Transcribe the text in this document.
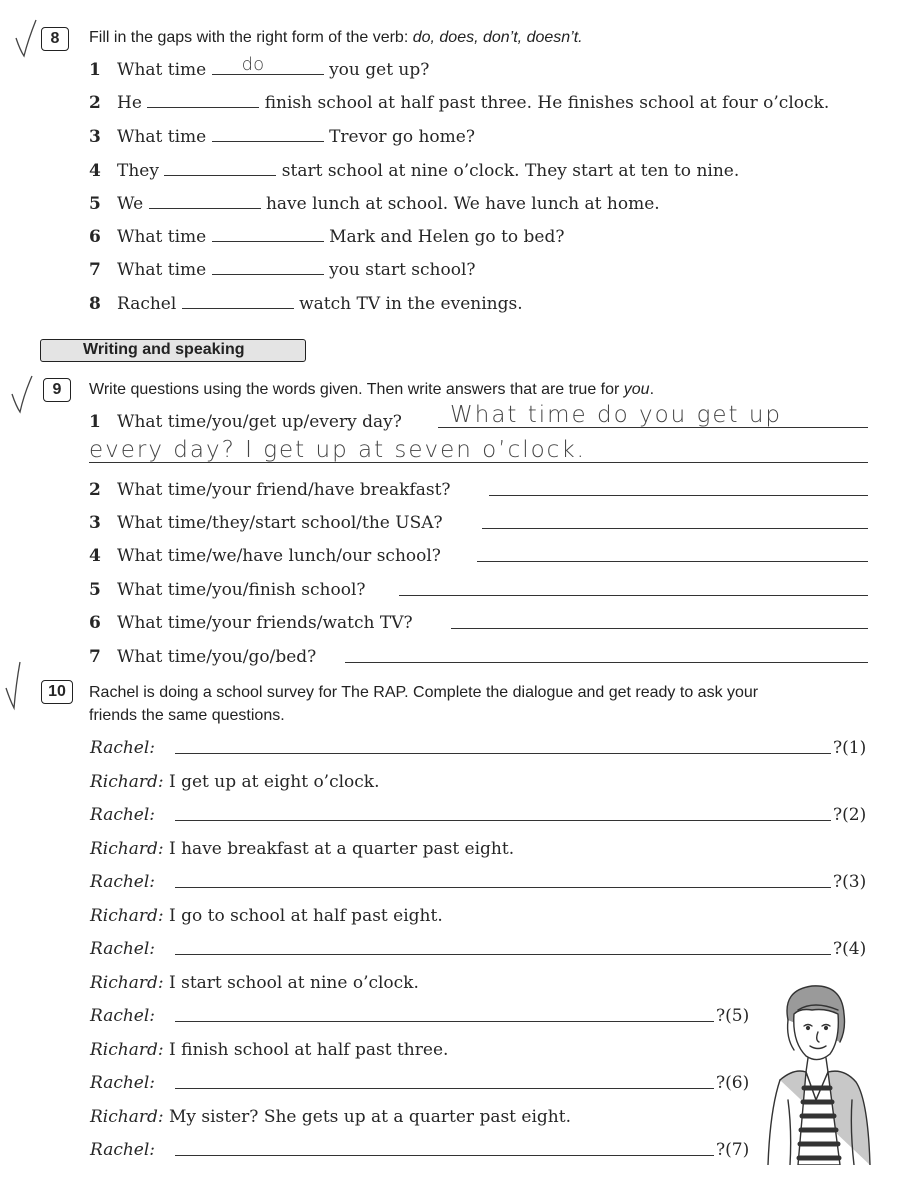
8	Fill in the gaps with the right form of the verb: do, does, don’t, doesn’t.
1 What time do	you get up?
2 He	finish school at half past three. He finishes school at four o’clock.
3 What time	Trevor go home?
4 They	start school at nine o’clock. They start at ten to nine.
5 We	have lunch at school. We have lunch at home.
6 What time	Mark and Helen go to bed?
7 What time	you start school?
8 Rachel	watch TV in the evenings.
Writing and speaking
9	Write questions using the words given. Then write answers that are true for you.
1 What time/you/get up/every day? What time do you get up
every day? I get up at seven o’clock.
2 What time/your friend/have breakfast?
3 What time/they/start school/the USA?
4 What time/we/have lunch/our school?
5 What time/you/finish school?
6 What time/your friends/watch TV?
7 What time/you/go/bed?
10	Rachel is doing a school survey for The RAP. Complete the dialogue and get ready to ask your
friends the same questions.
Rachel:	?(1)
Richard: I get up at eight o’clock.
Rachel:	?(2)
Richard: I have breakfast at a quarter past eight.
Rachel:	?(3)
Richard: I go to school at half past eight.
Rachel:	?(4)
Richard: I start school at nine o’clock.
Rachel:	?(5)
Richard: I finish school at half past three.
Rachel:	?(6)
Richard: My sister? She gets up at a quarter past eight.
Rachel:	?(7)
